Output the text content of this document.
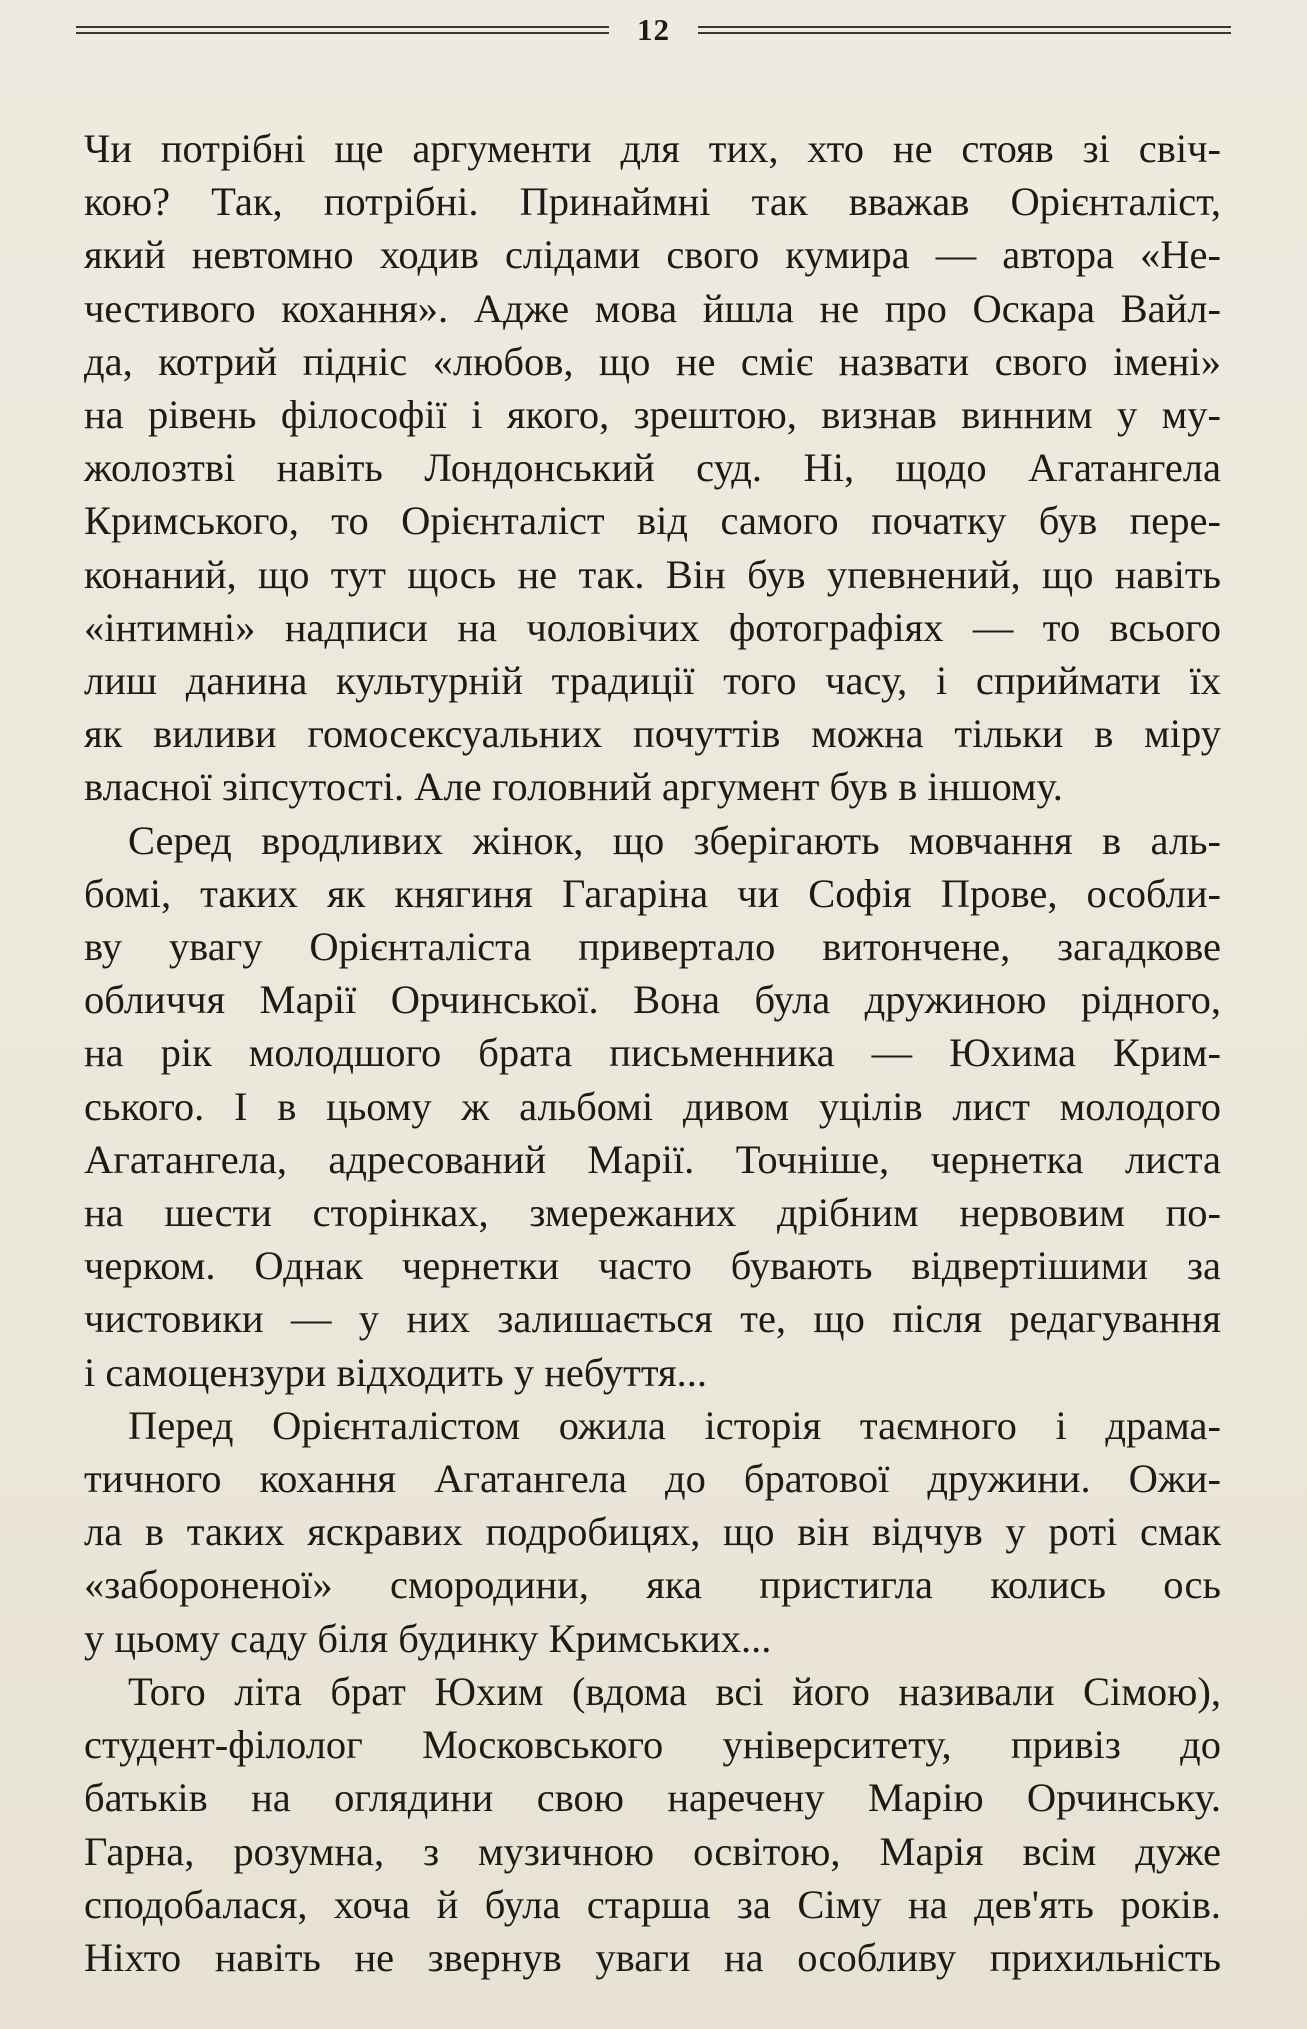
12

Чи потрібні ще аргументи для тих, хто не стояв зі свіч-
кою? Так, потрібні. Принаймні так вважав Орієнталіст,
який невтомно ходив слідами свого кумира — автора «Не-
честивого кохання». Адже мова йшла не про Оскара Вайл-
да, котрий підніс «любов, що не сміє назвати свого імені»
на рівень філософії і якого, зрештою, визнав винним у му-
жолозтві навіть Лондонський суд. Ні, щодо Агатангела
Кримського, то Орієнталіст від самого початку був пере-
конаний, що тут щось не так. Він був упевнений, що навіть
«інтимні» надписи на чоловічих фотографіях — то всього
лиш данина культурній традиції того часу, і сприймати їх
як виливи гомосексуальних почуттів можна тільки в міру
власної зіпсутості. Але головний аргумент був в іншому.

Серед вродливих жінок, що зберігають мовчання в аль-
бомі, таких як княгиня Гагаріна чи Софія Прове, особли-
ву увагу Орієнталіста привертало витончене, загадкове
обличчя Марії Орчинської. Вона була дружиною рідного,
на рік молодшого брата письменника — Юхима Крим-
ського. І в цьому ж альбомі дивом уцілів лист молодого
Агатангела, адресований Марії. Точніше, чернетка листа
на шести сторінках, змережаних дрібним нервовим по-
черком. Однак чернетки часто бувають відвертішими за
чистовики — у них залишається те, що після редагування
і самоцензури відходить у небуття...

Перед Орієнталістом ожила історія таємного і драма-
тичного кохання Агатангела до братової дружини. Ожи-
ла в таких яскравих подробицях, що він відчув у роті смак
«забороненої» смородини, яка пристигла колись ось
у цьому саду біля будинку Кримських...

Того літа брат Юхим (вдома всі його називали Сімою),
студент-філолог Московського університету, привіз до
батьків на оглядини свою наречену Марію Орчинську.
Гарна, розумна, з музичною освітою, Марія всім дуже
сподобалася, хоча й була старша за Сіму на дев'ять років.
Ніхто навіть не звернув уваги на особливу прихильність
